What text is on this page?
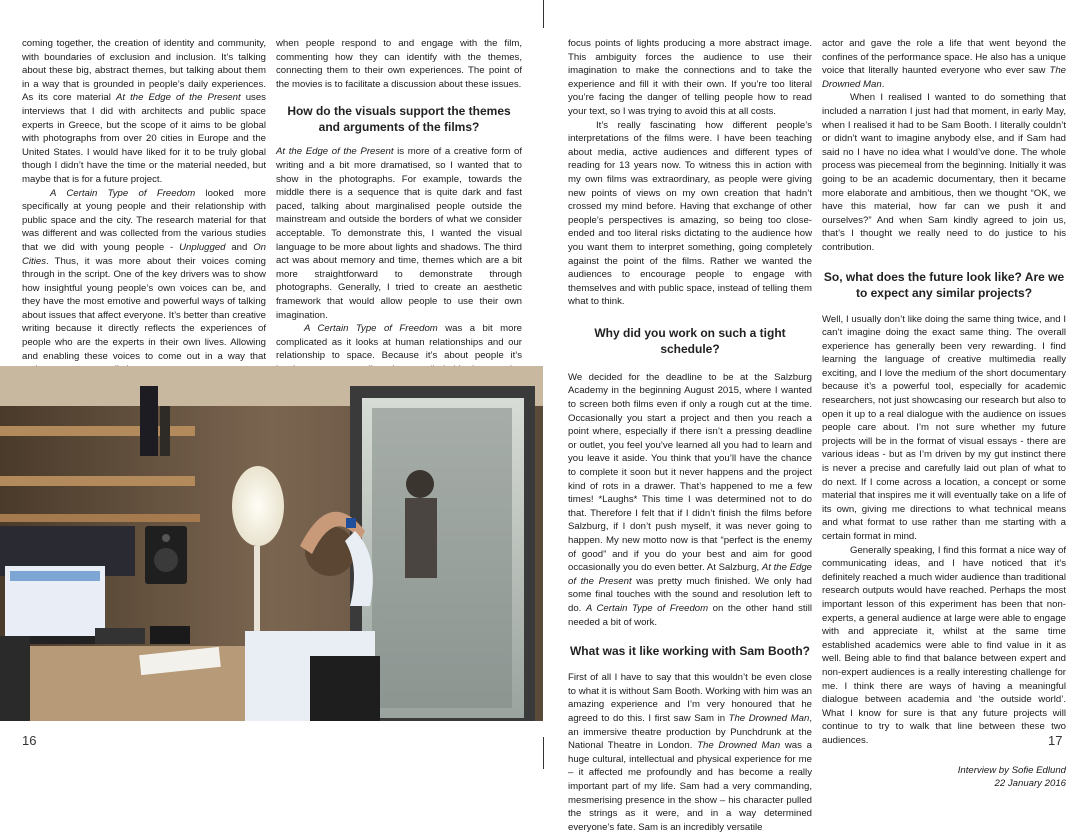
coming together, the creation of identity and community, with boundaries of exclusion and inclusion. It’s talking about these big, abstract themes, but talking about them in a way that is grounded in people’s daily experiences. As its core material At the Edge of the Present uses interviews that I did with architects and public space experts in Greece, but the scope of it aims to be global with photographs from over 20 cities in Europe and the United States. I would have liked for it to be truly global though I didn’t have the time or the material needed, but maybe that is for a future project.

A Certain Type of Freedom looked more specifically at young people and their relationship with public space and the city. The research material for that was different and was collected from the various studies that we did with young people - Unplugged and On Cities. Thus, it was more about their voices coming through in the script. One of the key drivers was to show how insightful young people’s own voices can be, and they have the most emotive and powerful ways of talking about issues that affect everyone. It’s better than creative writing because it directly reflects the experiences of people who are the experts in their own lives. Allowing and enabling these voices to come out in a way that

when people respond to and engage with the film, commenting how they can identify with the themes, connecting them to their own experiences. The point of the movies is to facilitate a discussion about these issues.

How do the visuals support the themes and arguments of the films?

At the Edge of the Present is more of a creative form of writing and a bit more dramatised, so I wanted that to show in the photographs. For example, towards the middle there is a sequence that is quite dark and fast paced, talking about marginalised people outside the mainstream and outside the borders of what we consider acceptable. To demonstrate this, I wanted the visual language to be more about lights and shadows. The third act was about memory and time, themes which are a bit more straightforward to demonstrate through photographs. Generally, I tried to create an aesthetic framework that would allow people to use their own imagination.

A Certain Type of Freedom was a bit more complicated as it looks at human relationships and our relationship to space. Because it’s about people it’s

16

focus points of lights producing a more abstract image. This ambiguity forces the audience to use their imagination to make the connections and to take the experience and fill it with their own. If you’re too literal you’re facing the danger of telling people how to read your text, so I was trying to avoid this at all costs.

It’s really fascinating how different people’s interpretations of the films were. I have been teaching about media, active audiences and different types of reading for 13 years now. To witness this in action with my own films was extraordinary, as people were giving new points of views on my own creation that hadn’t crossed my mind before. Having that exchange of other people’s perspectives is amazing, so being too close-ended and too literal risks dictating to the audience how you want them to interpret something, going completely against the point of the films. Rather we wanted the audiences to encourage people to engage with themselves and with public space, instead of telling them what to think.

Why did you work on such a tight schedule?

We decided for the deadline to be at the Salzburg Academy in the beginning August 2015, where I wanted to screen both films even if only a rough cut at the time. Occasionally you start a project and then you reach a point where, especially if there isn’t a pressing deadline or outlet, you feel you’ve learned all you had to learn and you leave it aside. You think that you’ll have the chance to complete it soon but it never happens and the project kind of rots in a drawer. That’s happened to me a few times! *Laughs* This time I was determined not to do that. Therefore I felt that if I didn’t finish the films before Salzburg, if I don’t push myself, it was never going to happen. My new motto now is that “perfect is the enemy of good” and if you do your best and aim for good occasionally you do even better. At Salzburg, At the Edge of the Present was pretty much finished. We only had some final touches with the sound and resolution left to do. A Certain Type of Freedom on the other hand still needed a bit of work.

What was it like working with Sam Booth?

First of all I have to say that this wouldn’t be even close to what it is without Sam Booth. Working with him was an amazing experience and I’m very honoured that he agreed to do this. I first saw Sam in The Drowned Man, an immersive theatre production by Punchdrunk at the National Theatre in London. The Drowned Man was a huge cultural, intellectual and physical experience for me – it affected me profoundly and has become a really important part of my life. Sam had a very commanding, mesmerising presence in the show – his character pulled the strings as it were, and in a way determined everyone’s fate. Sam is an incredibly versatile

actor and gave the role a life that went beyond the confines of the performance space. He also has a unique voice that literally haunted everyone who ever saw The Drowned Man.

When I realised I wanted to do something that included a narration I just had that moment, in early May, when I realised it had to be Sam Booth. I literally couldn’t or didn’t want to imagine anybody else, and if Sam had said no I have no idea what I would’ve done. The whole process was piecemeal from the beginning. Initially it was going to be an academic documentary, then it became more elaborate and ambitious, then we thought “OK, we have this material, how far can we push it and ourselves?” And when Sam kindly agreed to join us, that’s I thought we really need to do justice to his contribution.

So, what does the future look like? Are we to expect any similar projects?

Well, I usually don’t like doing the same thing twice, and I can’t imagine doing the exact same thing. The overall experience has generally been very rewarding. I find learning the language of creative multimedia really exciting, and I love the medium of the short documentary because it’s a powerful tool, especially for academic researchers, not just showcasing our research but also to open it up to a real dialogue with the audience on issues people care about. I’m not sure whether my future projects will be in the format of visual essays - there are various ideas - but as I’m driven by my gut instinct there is never a precise and carefully laid out plan of what to do next. If I come across a location, a concept or some material that inspires me it will eventually take on a life of its own, giving me directions to what technical means and what format to use rather than me starting with a certain format in mind.

Generally speaking, I find this format a nice way of communicating ideas, and I have noticed that it’s definitely reached a much wider audience than traditional research outputs would have reached. Perhaps the most important lesson of this experiment has been that non-experts, a general audience at large were able to engage with and appreciate it, whilst at the same time established academics were able to find value in it as well. Being able to find that balance between expert and non-expert audiences is a really interesting challenge for me. I think there are ways of having a meaningful dialogue between academia and ‘the outside world’. What I know for sure is that any future projects will continue to try to walk that line between these two audiences.

Interview by Sofie Edlund

22 January 2016

17
